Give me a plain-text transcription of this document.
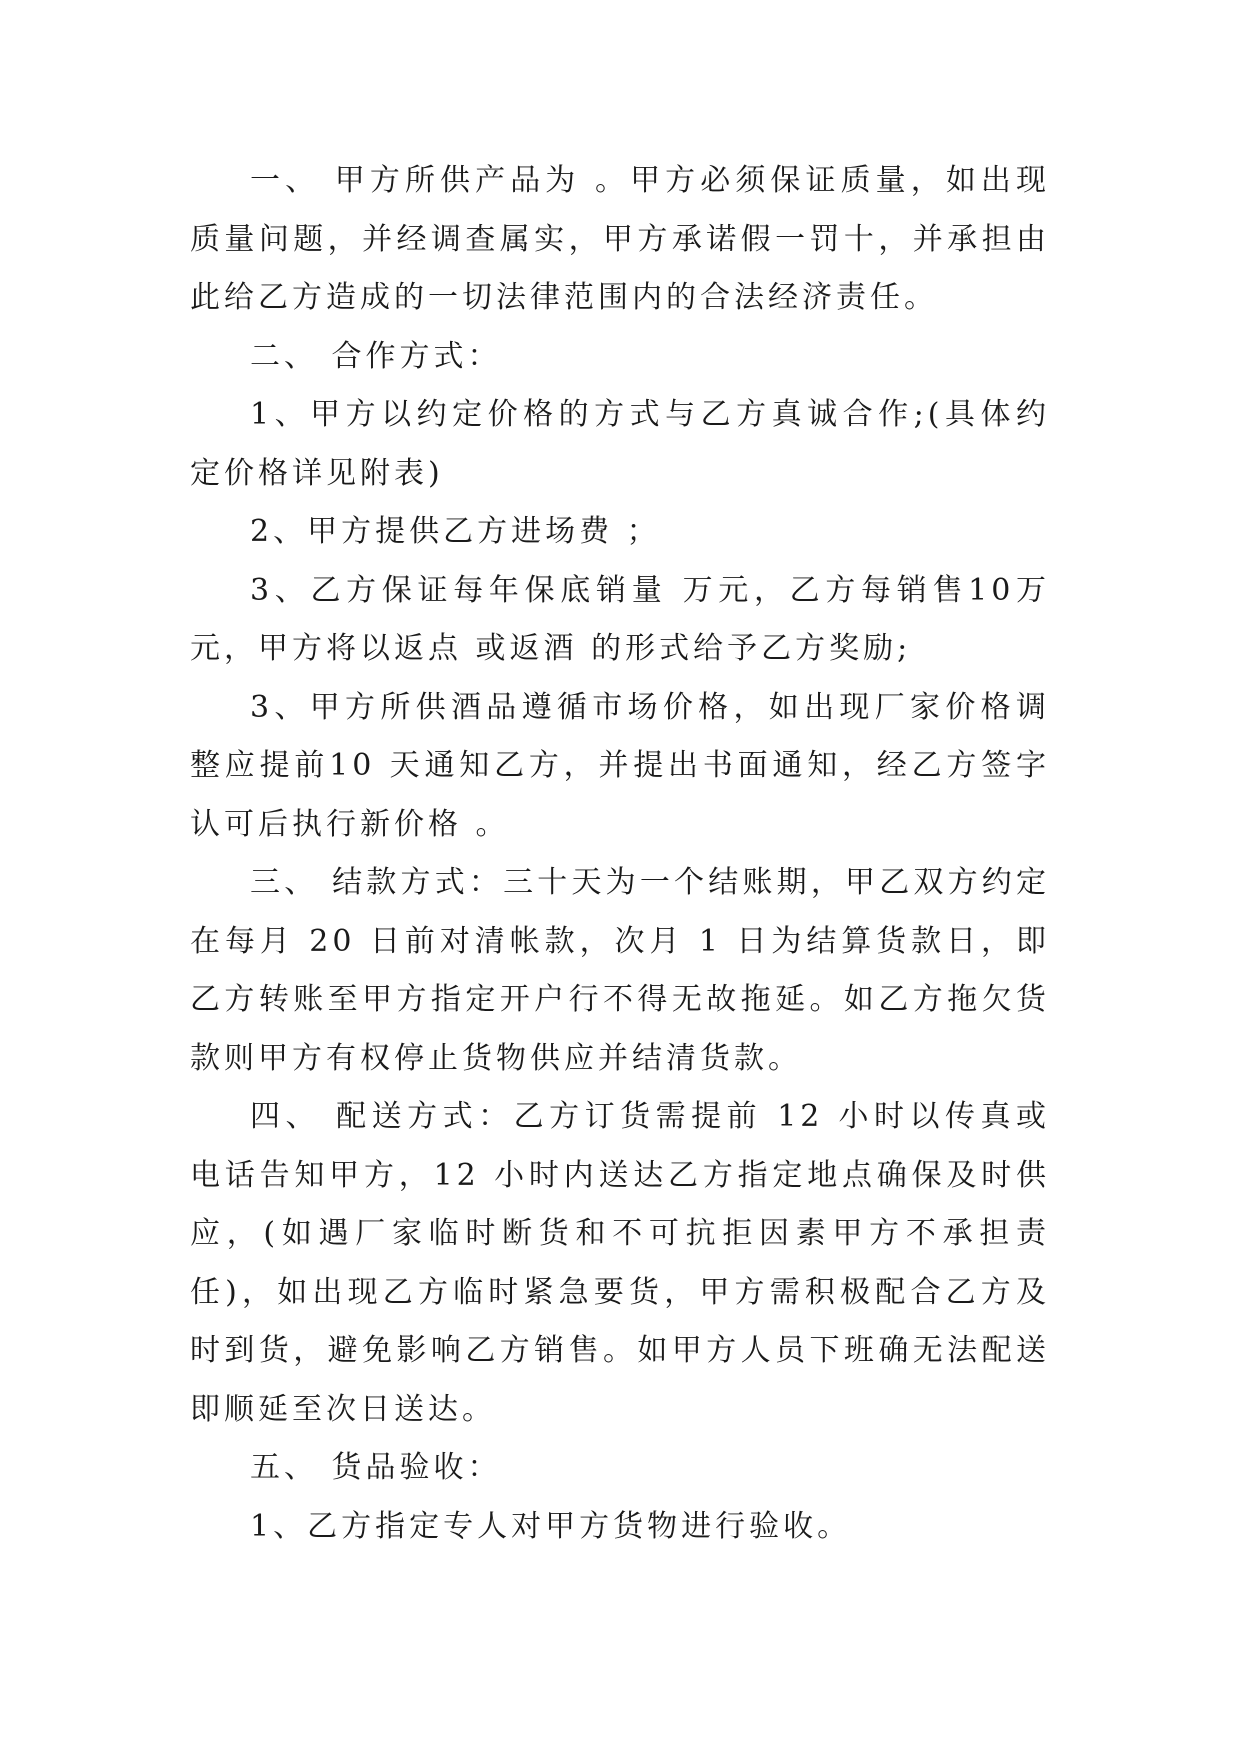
一、 甲方所供产品为 。甲方必须保证质量，如出现质量问题，并经调查属实，甲方承诺假一罚十，并承担由此给乙方造成的一切法律范围内的合法经济责任。

二、 合作方式：

1、甲方以约定价格的方式与乙方真诚合作;(具体约定价格详见附表)

2、甲方提供乙方进场费 ；

3、乙方保证每年保底销量 万元，乙方每销售10万元，甲方将以返点 或返酒 的形式给予乙方奖励;

3、甲方所供酒品遵循市场价格，如出现厂家价格调整应提前10 天通知乙方，并提出书面通知，经乙方签字认可后执行新价格 。

三、 结款方式：三十天为一个结账期，甲乙双方约定在每月 20 日前对清帐款，次月 1 日为结算货款日，即乙方转账至甲方指定开户行不得无故拖延。如乙方拖欠货款则甲方有权停止货物供应并结清货款。

四、 配送方式：乙方订货需提前 12 小时以传真或电话告知甲方，12 小时内送达乙方指定地点确保及时供应，(如遇厂家临时断货和不可抗拒因素甲方不承担责任)，如出现乙方临时紧急要货，甲方需积极配合乙方及时到货，避免影响乙方销售。如甲方人员下班确无法配送 即顺延至次日送达。

五、 货品验收：

1、乙方指定专人对甲方货物进行验收。
